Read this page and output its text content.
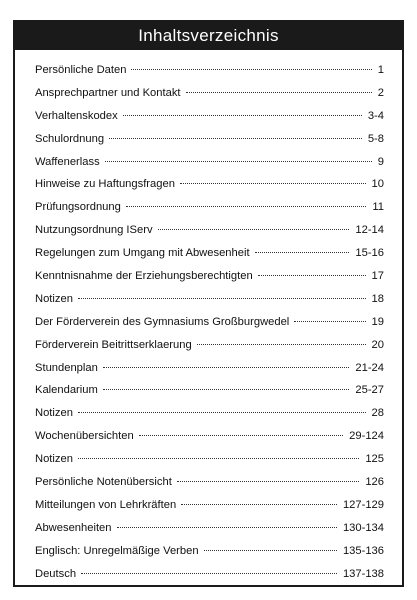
Inhaltsverzeichnis
Persönliche Daten	1
Ansprechpartner und Kontakt	2
Verhaltenskodex	3-4
Schulordnung	5-8
Waffenerlass	9
Hinweise zu Haftungsfragen	10
Prüfungsordnung	11
Nutzungsordnung IServ	12-14
Regelungen zum Umgang mit Abwesenheit	15-16
Kenntnisnahme der Erziehungsberechtigten	17
Notizen	18
Der Förderverein des Gymnasiums Großburgwedel	19
Förderverein Beitrittserklaerung	20
Stundenplan	21-24
Kalendarium	25-27
Notizen	28
Wochenübersichten	29-124
Notizen	125
Persönliche Notenübersicht	126
Mitteilungen von Lehrkräften	127-129
Abwesenheiten	130-134
Englisch: Unregelmäßige Verben	135-136
Deutsch	137-138
